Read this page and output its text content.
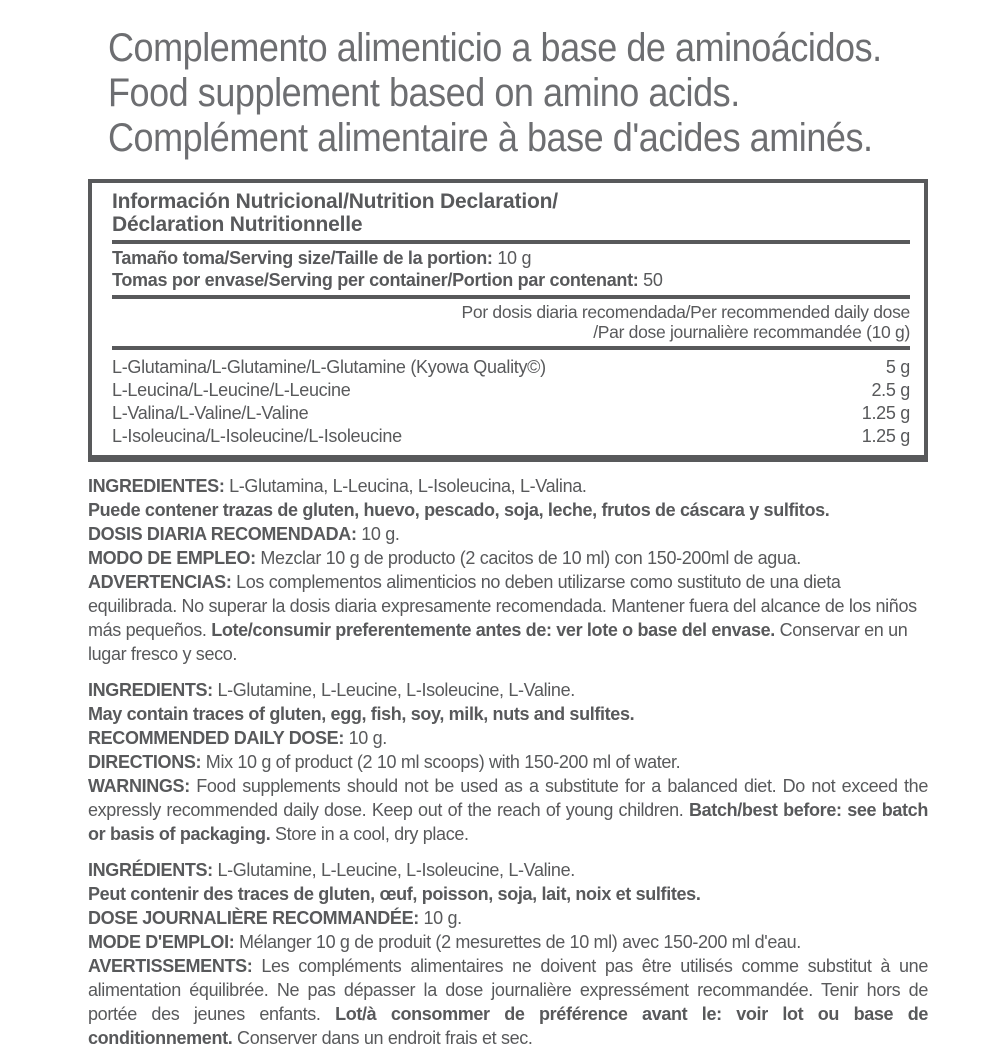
Complemento alimenticio a base de aminoácidos.
Food supplement based on amino acids.
Complément alimentaire à base d'acides aminés.
Información Nutricional/Nutrition Declaration/
Déclaration Nutritionnelle
Tamaño toma/Serving size/Taille de la portion: 10 g
Tomas por envase/Serving per container/Portion par contenant: 50
Por dosis diaria recomendada/Per recommended daily dose
/Par dose journalière recommandée (10 g)
L-Glutamina/L-Glutamine/L-Glutamine (Kyowa Quality©)	5 g
L-Leucina/L-Leucine/L-Leucine	2.5 g
L-Valina/L-Valine/L-Valine	1.25 g
L-Isoleucina/L-Isoleucine/L-Isoleucine	1.25 g
INGREDIENTES: L-Glutamina, L-Leucina, L-Isoleucina, L-Valina.
Puede contener trazas de gluten, huevo, pescado, soja, leche, frutos de cáscara y sulfitos.
DOSIS DIARIA RECOMENDADA: 10 g.
MODO DE EMPLEO: Mezclar 10 g de producto (2 cacitos de 10 ml) con 150-200ml de agua.

ADVERTENCIAS: Los complementos alimenticios no deben utilizarse como sustituto de una dieta equilibrada. No superar la dosis diaria expresamente recomendada. Mantener fuera del alcance de los niños más pequeños. Lote/consumir preferentemente antes de: ver lote o base del envase. Conservar en un lugar fresco y seco.

INGREDIENTS: L-Glutamine, L-Leucine, L-Isoleucine, L-Valine.
May contain traces of gluten, egg, fish, soy, milk, nuts and sulfites.
RECOMMENDED DAILY DOSE: 10 g.
DIRECTIONS: Mix 10 g of product (2 10 ml scoops) with 150-200 ml of water.

WARNINGS: Food supplements should not be used as a substitute for a balanced diet. Do not exceed the expressly recommended daily dose. Keep out of the reach of young children. Batch/best before: see batch or basis of packaging. Store in a cool, dry place.

INGRÉDIENTS: L-Glutamine, L-Leucine, L-Isoleucine, L-Valine.
Peut contenir des traces de gluten, œuf, poisson, soja, lait, noix et sulfites.
DOSE JOURNALIÈRE RECOMMANDÉE: 10 g.
MODE D'EMPLOI: Mélanger 10 g de produit (2 mesurettes de 10 ml) avec 150-200 ml d'eau.

AVERTISSEMENTS: Les compléments alimentaires ne doivent pas être utilisés comme substitut à une alimentation équilibrée. Ne pas dépasser la dose journalière expressément recommandée. Tenir hors de portée des jeunes enfants. Lot/à consommer de préférence avant le: voir lot ou base de conditionnement. Conserver dans un endroit frais et sec.
